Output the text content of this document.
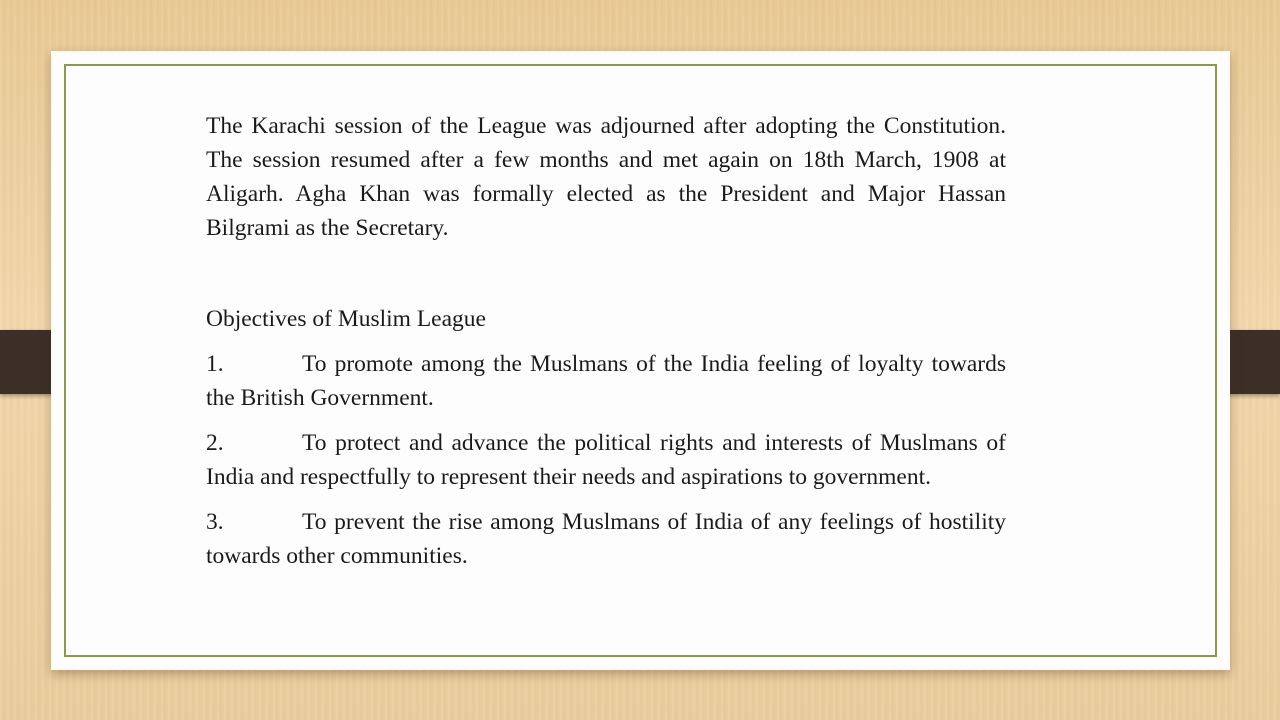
The Karachi session of the League was adjourned after adopting the Constitution. The session resumed after a few months and met again on 18th March, 1908 at Aligarh. Agha Khan was formally elected as the President and Major Hassan Bilgrami as the Secretary.

Objectives of Muslim League

1.	To promote among the Muslmans of the India feeling of loyalty towards the British Government.

2.	To protect and advance the political rights and interests of Muslmans of India and respectfully to represent their needs and aspirations to government.

3.	To prevent the rise among Muslmans of India of any feelings of hostility towards other communities.
